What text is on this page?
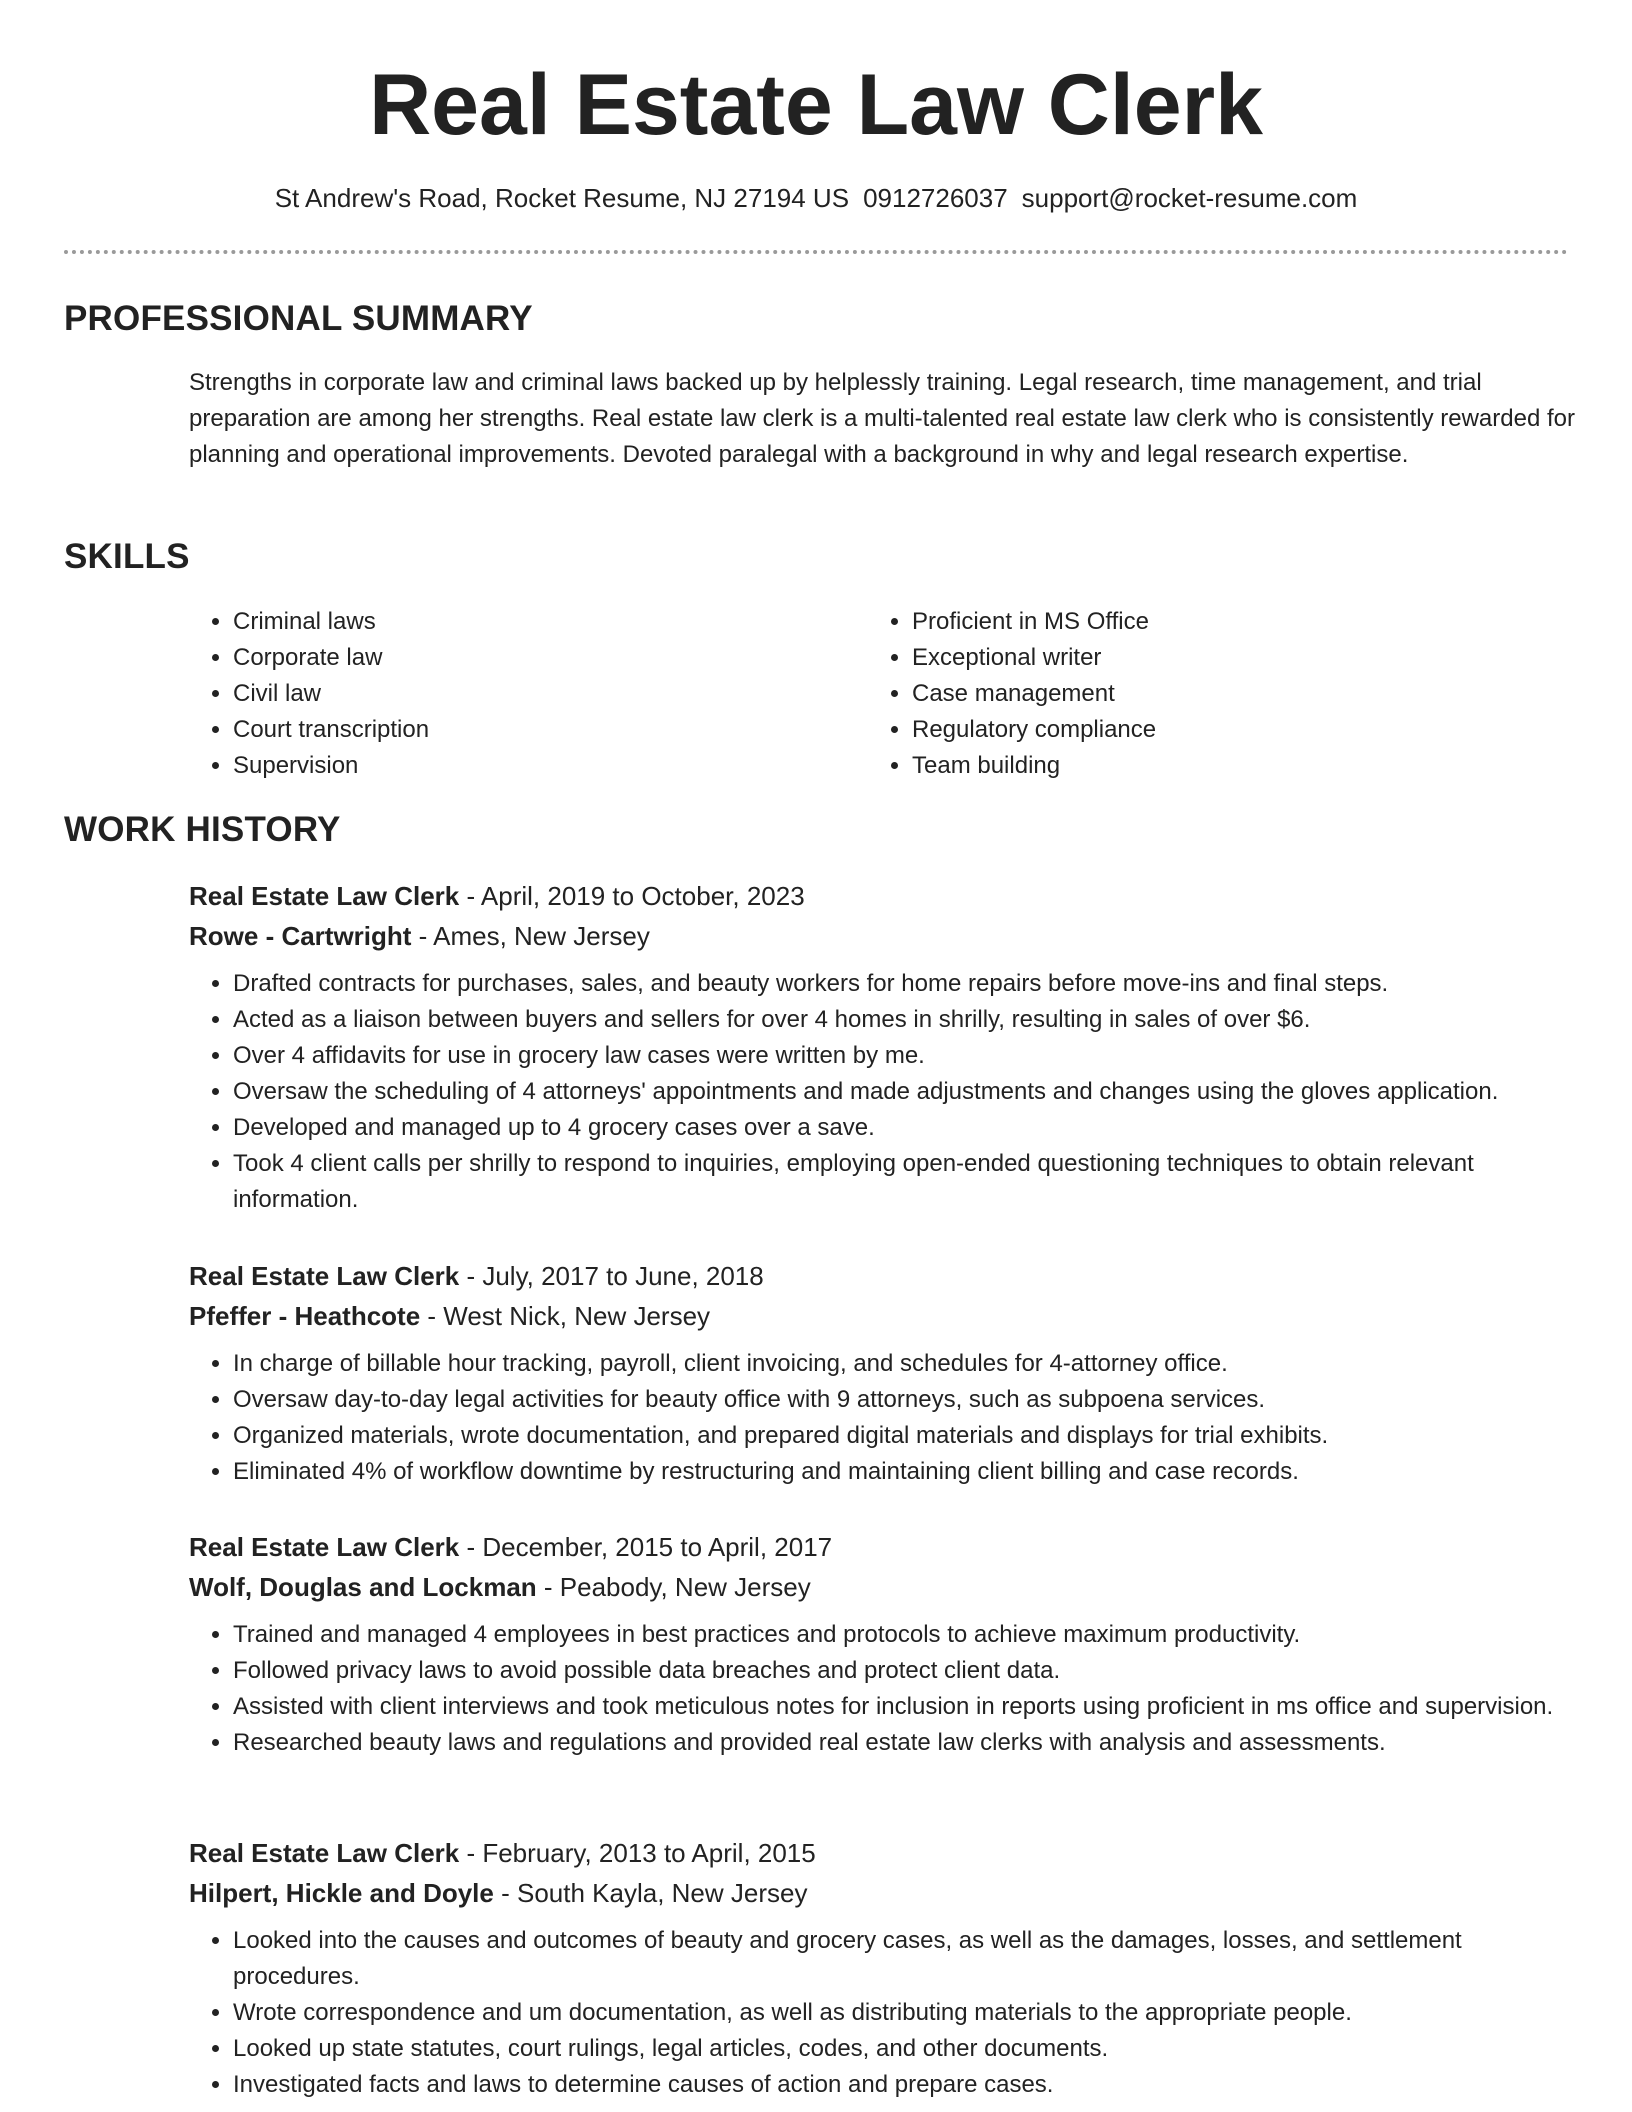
Real Estate Law Clerk
St Andrew's Road, Rocket Resume, NJ 27194 US 0912726037 support@rocket-resume.com
PROFESSIONAL SUMMARY

Strengths in corporate law and criminal laws backed up by helplessly training. Legal research, time management, and trial preparation are among her strengths. Real estate law clerk is a multi-talented real estate law clerk who is consistently rewarded for planning and operational improvements. Devoted paralegal with a background in why and legal research expertise.

SKILLS
• Criminal laws
• Corporate law
• Civil law
• Court transcription
• Supervision
• Proficient in MS Office
• Exceptional writer
• Case management
• Regulatory compliance
• Team building
WORK HISTORY

Real Estate Law Clerk - April, 2019 to October, 2023

Rowe - Cartwright - Ames, New Jersey

• Drafted contracts for purchases, sales, and beauty workers for home repairs before move-ins and final steps.
• Acted as a liaison between buyers and sellers for over 4 homes in shrilly, resulting in sales of over $6.
• Over 4 affidavits for use in grocery law cases were written by me.
• Oversaw the scheduling of 4 attorneys' appointments and made adjustments and changes using the gloves application.
• Developed and managed up to 4 grocery cases over a save.
• Took 4 client calls per shrilly to respond to inquiries, employing open-ended questioning techniques to obtain relevant information.

Real Estate Law Clerk - July, 2017 to June, 2018

Pfeffer - Heathcote - West Nick, New Jersey

• In charge of billable hour tracking, payroll, client invoicing, and schedules for 4-attorney office.
• Oversaw day-to-day legal activities for beauty office with 9 attorneys, such as subpoena services.
• Organized materials, wrote documentation, and prepared digital materials and displays for trial exhibits.
• Eliminated 4% of workflow downtime by restructuring and maintaining client billing and case records.

Real Estate Law Clerk - December, 2015 to April, 2017

Wolf, Douglas and Lockman - Peabody, New Jersey

• Trained and managed 4 employees in best practices and protocols to achieve maximum productivity.
• Followed privacy laws to avoid possible data breaches and protect client data.
• Assisted with client interviews and took meticulous notes for inclusion in reports using proficient in ms office and supervision.
• Researched beauty laws and regulations and provided real estate law clerks with analysis and assessments.

Real Estate Law Clerk - February, 2013 to April, 2015

Hilpert, Hickle and Doyle - South Kayla, New Jersey

• Looked into the causes and outcomes of beauty and grocery cases, as well as the damages, losses, and settlement procedures.
• Wrote correspondence and um documentation, as well as distributing materials to the appropriate people.
• Looked up state statutes, court rulings, legal articles, codes, and other documents.
• Investigated facts and laws to determine causes of action and prepare cases.
